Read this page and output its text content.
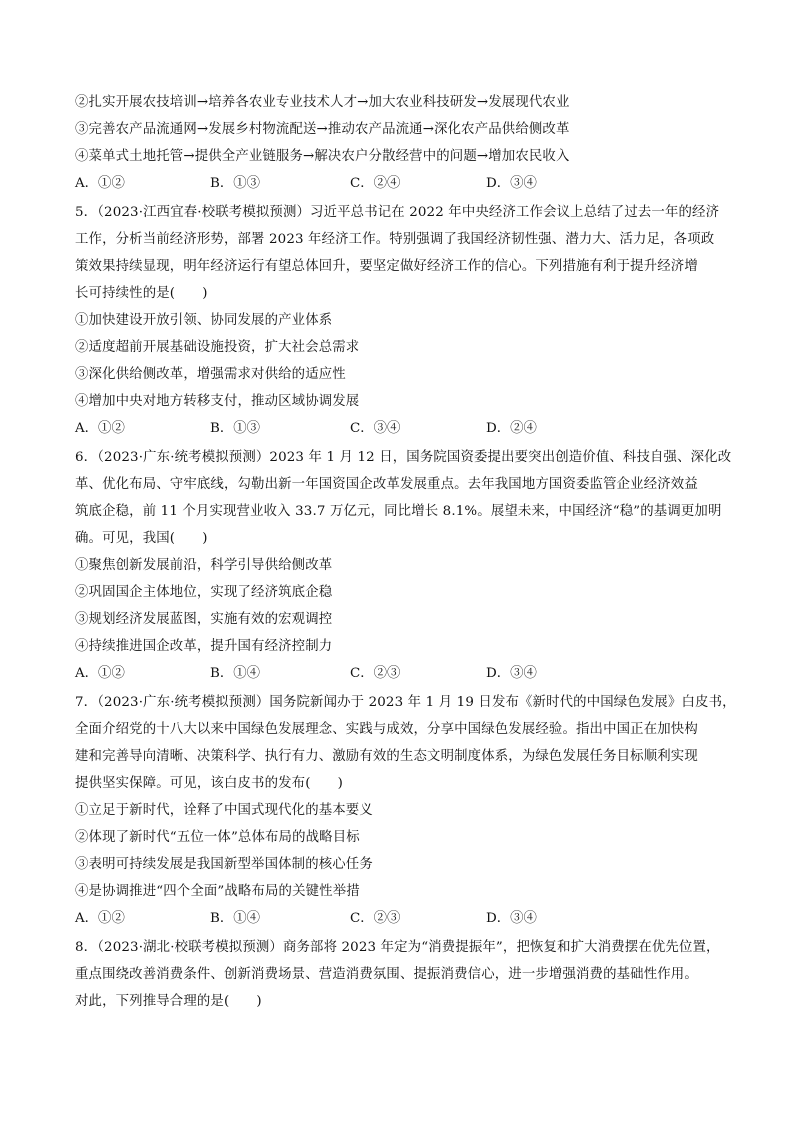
②扎实开展农技培训→培养各农业专业技术人才→加大农业科技研发→发展现代农业
③完善农产品流通网→发展乡村物流配送→推动农产品流通→深化农产品供给侧改革
④菜单式土地托管→提供全产业链服务→解决农户分散经营中的问题→增加农民收入
A．①②	B．①③	C．②④	D．③④
5．（2023·江西宜春·校联考模拟预测）习近平总书记在 2022 年中央经济工作会议上总结了过去一年的经济
工作，分析当前经济形势，部署 2023 年经济工作。特别强调了我国经济韧性强、潜力大、活力足，各项政
策效果持续显现，明年经济运行有望总体回升，要坚定做好经济工作的信心。下列措施有利于提升经济增
长可持续性的是(　　)
①加快建设开放引领、协同发展的产业体系
②适度超前开展基础设施投资，扩大社会总需求
③深化供给侧改革，增强需求对供给的适应性
④增加中央对地方转移支付，推动区域协调发展
A．①②	B．①③	C．③④	D．②④
6．（2023·广东·统考模拟预测）2023 年 1 月 12 日，国务院国资委提出要突出创造价值、科技自强、深化改
革、优化布局、守牢底线，勾勒出新一年国资国企改革发展重点。去年我国地方国资委监管企业经济效益
筑底企稳，前 11 个月实现营业收入 33.7 万亿元，同比增长 8.1%。展望未来，中国经济“稳”的基调更加明
确。可见，我国(　　)
①聚焦创新发展前沿，科学引导供给侧改革
②巩固国企主体地位，实现了经济筑底企稳
③规划经济发展蓝图，实施有效的宏观调控
④持续推进国企改革，提升国有经济控制力
A．①②	B．①④	C．②③	D．③④
7．（2023·广东·统考模拟预测）国务院新闻办于 2023 年 1 月 19 日发布《新时代的中国绿色发展》白皮书，
全面介绍党的十八大以来中国绿色发展理念、实践与成效，分享中国绿色发展经验。指出中国正在加快构
建和完善导向清晰、决策科学、执行有力、激励有效的生态文明制度体系，为绿色发展任务目标顺利实现
提供坚实保障。可见，该白皮书的发布(　　)
①立足于新时代，诠释了中国式现代化的基本要义
②体现了新时代“五位一体”总体布局的战略目标
③表明可持续发展是我国新型举国体制的核心任务
④是协调推进“四个全面”战略布局的关键性举措
A．①②	B．①④	C．②③	D．③④
8．（2023·湖北·校联考模拟预测）商务部将 2023 年定为“消费提振年”，把恢复和扩大消费摆在优先位置，
重点围绕改善消费条件、创新消费场景、营造消费氛围、提振消费信心，进一步增强消费的基础性作用。
对此，下列推导合理的是(　　)
